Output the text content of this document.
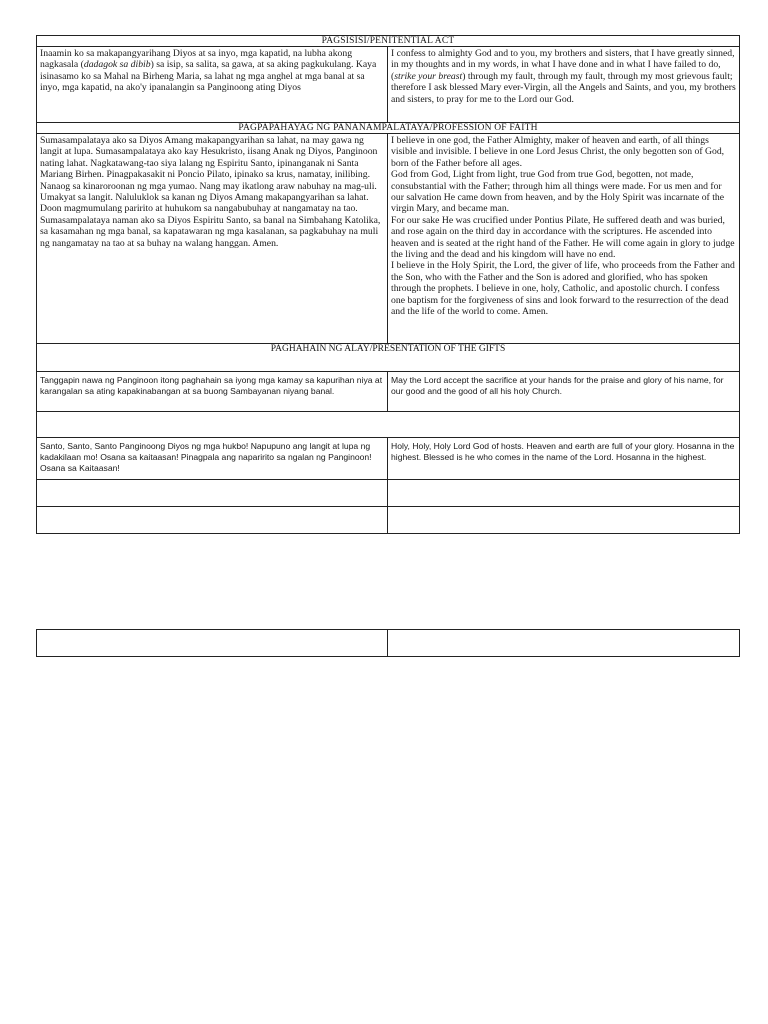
PAGSISISI/PENITENTIAL ACT
Inaamin ko sa makapangyarihang Diyos at sa inyo, mga kapatid, na lubha akong nagkasala (dadagok sa dibib) sa isip, sa salita, sa gawa, at sa aking pagkukulang. Kaya isinasamo ko sa Mahal na Birheng Maria, sa lahat ng mga anghel at mga banal at sa inyo, mga kapatid, na ako'y ipanalangin sa Panginoong ating Diyos
I confess to almighty God and to you, my brothers and sisters, that I have greatly sinned, in my thoughts and in my words, in what I have done and in what I have failed to do, (strike your breast) through my fault, through my fault, through my most grievous fault; therefore I ask blessed Mary ever-Virgin, all the Angels and Saints, and you, my brothers and sisters, to pray for me to the Lord our God.
PAGPAPAHAYAG NG PANANAMPALATAYA/PROFESSION OF FAITH
Sumasampalataya ako sa Diyos Amang makapangyarihan sa lahat, na may gawa ng langit at lupa. Sumasampalataya ako kay Hesukristo, iisang Anak ng Diyos, Panginoon nating lahat. Nagkatawang-tao siya lalang ng Espiritu Santo, ipinanganak ni Santa Mariang Birhen. Pinagpakasakit ni Poncio Pilato, ipinako sa krus, namatay, inilibing. Nanaog sa kinaroroonan ng mga yumao. Nang may ikatlong araw nabuhay na mag-uli. Umakyat sa langit. Naluluklok sa kanan ng Diyos Amang makapangyarihan sa lahat. Doon magmumulang paririto at huhukom sa nangabubuhay at nangamatay na tao. Sumasampalataya naman ako sa Diyos Espiritu Santo, sa banal na Simbahang Katolika, sa kasamahan ng mga banal, sa kapatawaran ng mga kasalanan, sa pagkabuhay na muli ng nangamatay na tao at sa buhay na walang hanggan. Amen.
I believe in one god, the Father Almighty, maker of heaven and earth, of all things visible and invisible. I believe in one Lord Jesus Christ, the only begotten son of God, born of the Father before all ages.
God from God, Light from light, true God from true God, begotten, not made, consubstantial with the Father; through him all things were made. For us men and for our salvation He came down from heaven, and by the Holy Spirit was incarnate of the virgin Mary, and became man.
For our sake He was crucified under Pontius Pilate, He suffered death and was buried, and rose again on the third day in accordance with the scriptures. He ascended into heaven and is seated at the right hand of the Father. He will come again in glory to judge the living and the dead and his kingdom will have no end.
I believe in the Holy Spirit, the Lord, the giver of life, who proceeds from the Father and the Son, who with the Father and the Son is adored and glorified, who has spoken through the prophets. I believe in one, holy, Catholic, and apostolic church. I confess one baptism for the forgiveness of sins and look forward to the resurrection of the dead and the life of the world to come. Amen.
PAGHAHAIN NG ALAY/PRESENTATION OF THE GIFTS
Tanggapin nawa ng Panginoon itong paghahain sa iyong mga kamay sa kapurihan niya at karangalan sa ating kapakinabangan at sa buong Sambayanan niyang banal.
May the Lord accept the sacrifice at your hands for the praise and glory of his name, for our good and the good of all his holy Church.
Santo, Santo, Santo Panginoong Diyos ng mga hukbo! Napupuno ang langit at lupa ng kadakilaan mo! Osana sa kaitaasan! Pinagpala ang naparirito sa ngalan ng Panginoon! Osana sa Kaitaasan!
Holy, Holy, Holy Lord God of hosts. Heaven and earth are full of your glory. Hosanna in the highest. Blessed is he who comes in the name of the Lord. Hosanna in the highest.
